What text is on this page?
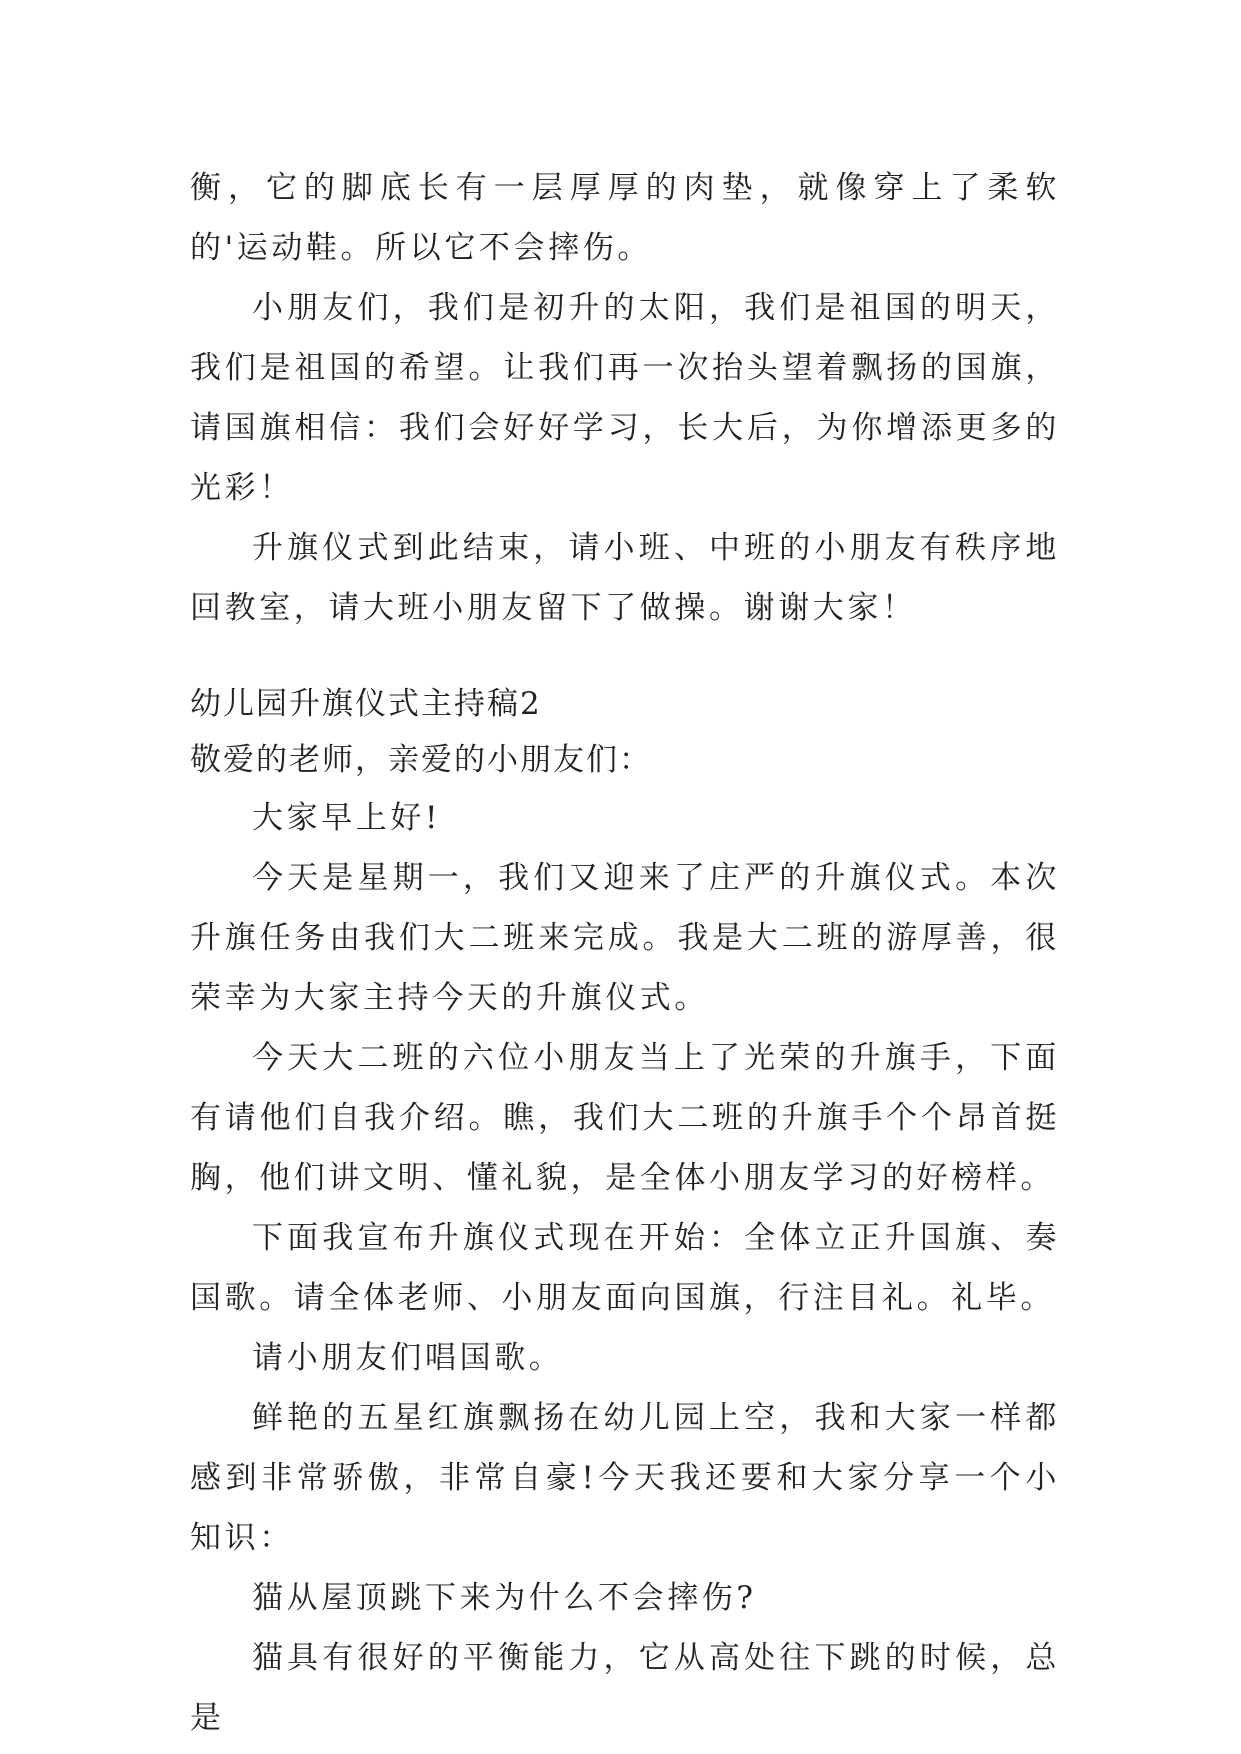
衡，它的脚底长有一层厚厚的肉垫，就像穿上了柔软的'运动鞋。所以它不会摔伤。

小朋友们，我们是初升的太阳，我们是祖国的明天，我们是祖国的希望。让我们再一次抬头望着飘扬的国旗，请国旗相信：我们会好好学习，长大后，为你增添更多的光彩！

升旗仪式到此结束，请小班、中班的小朋友有秩序地回教室，请大班小朋友留下了做操。谢谢大家！

幼儿园升旗仪式主持稿2

敬爱的老师，亲爱的小朋友们：

大家早上好!

今天是星期一，我们又迎来了庄严的升旗仪式。本次升旗任务由我们大二班来完成。我是大二班的游厚善，很荣幸为大家主持今天的升旗仪式。

今天大二班的六位小朋友当上了光荣的升旗手，下面有请他们自我介绍。瞧，我们大二班的升旗手个个昂首挺胸，他们讲文明、懂礼貌，是全体小朋友学习的好榜样。

下面我宣布升旗仪式现在开始：全体立正升国旗、奏国歌。请全体老师、小朋友面向国旗，行注目礼。礼毕。

请小朋友们唱国歌。

鲜艳的五星红旗飘扬在幼儿园上空，我和大家一样都感到非常骄傲，非常自豪!今天我还要和大家分享一个小知识：

猫从屋顶跳下来为什么不会摔伤?

猫具有很好的平衡能力，它从高处往下跳的时候，总是
